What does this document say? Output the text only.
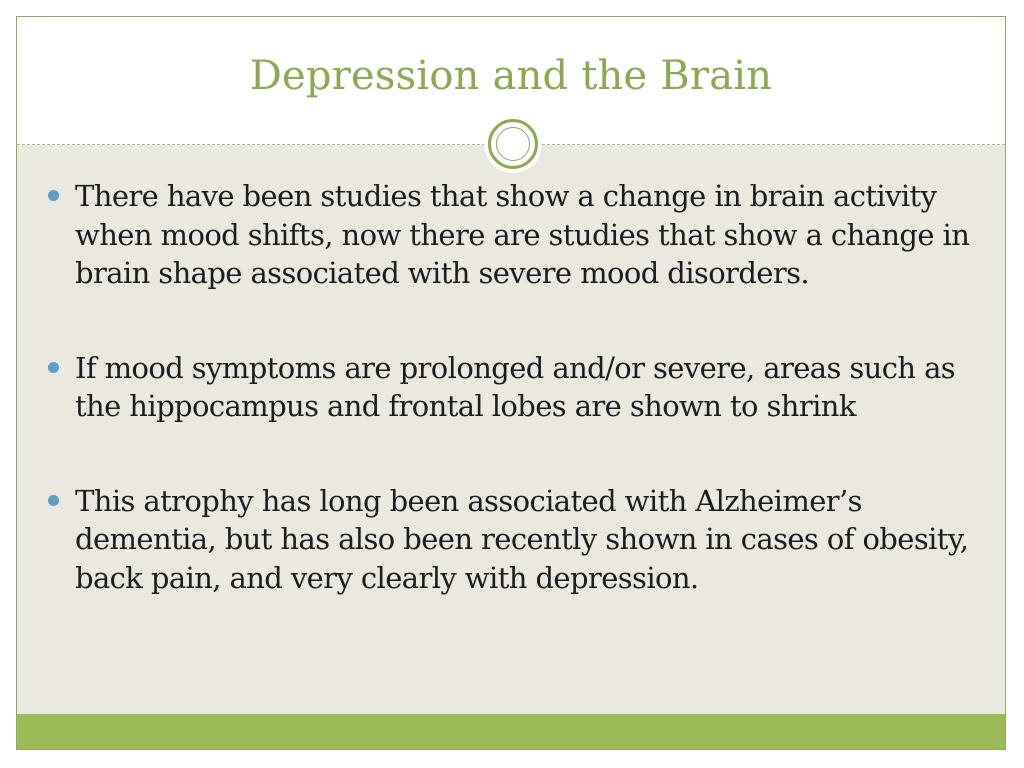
Depression and the Brain
There have been studies that show a change in brain activity when mood shifts, now there are studies that show a change in brain shape associated with severe mood disorders.
If mood symptoms are prolonged and/or severe, areas such as the hippocampus and frontal lobes are shown to shrink
This atrophy has long been associated with Alzheimer’s dementia, but has also been recently shown in cases of obesity, back pain, and very clearly with depression.
